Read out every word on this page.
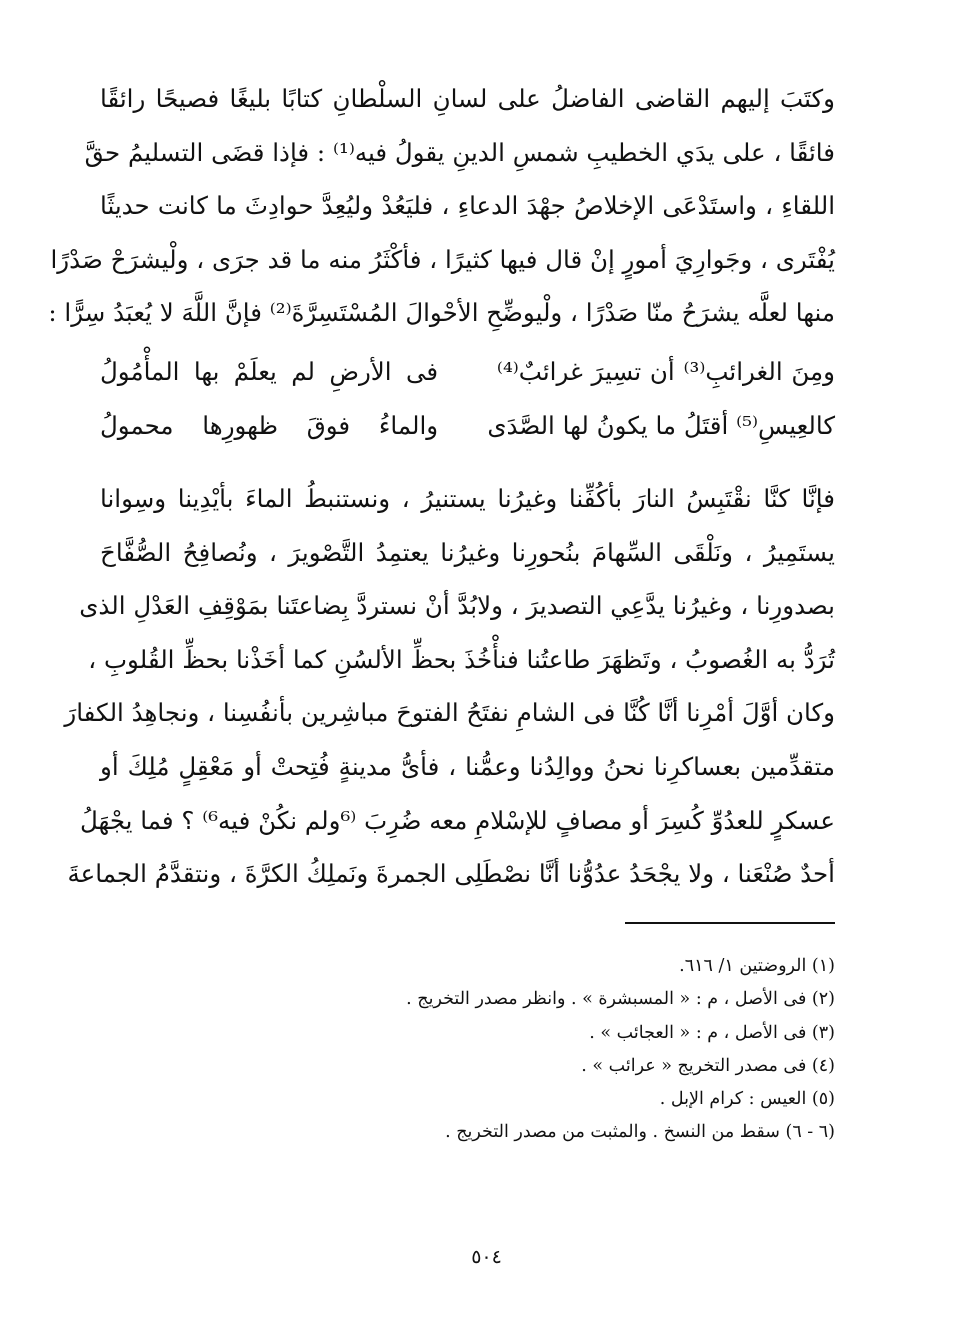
وكتَبَ إليهم القاضى الفاضلُ على لسانِ السلْطانِ كتابًا بليغًا فصيحًا رائقًا
فائقًا ، على يدَي الخطيبِ شمسِ الدينِ يقولُ فيه⁽¹⁾ : فإذا قضَى التسليمُ حقَّ
اللقاءِ ، واستَدْعَى الإخلاصُ جهْدَ الدعاءِ ، فليَعُدْ وليُعِدَّ حوادِثَ ما كانت حديثًا
يُفْتَرى ، وجَوارِيَ أمورٍ إنْ قال فيها كثيرًا ، فأكْثَرُ منه ما قد جرَى ، ولْيشرَحْ صَدْرًا
منها لعلَّه يشرَحُ منّا صَدْرًا ، ولْيوضِّحِ الأحْوالَ المُسْتَسِرَّةَ⁽²⁾ فإنَّ اللَّهَ لا يُعبَدُ سِرًّا :
ومِنَ الغرائبِ⁽³⁾ أن تسِيرَ غرائبٌ⁽⁴⁾
فى الأرضِ لم يعلَمْ بها المأْمُولُ
كالعِيسِ⁽⁵⁾ أقتَلُ ما يكونُ لها الصَّدَى
والماءُ فوقَ ظهورِها محمولُ
فإنَّا كنَّا نقْتَبِسُ النارَ بأكُفِّنا وغيرُنا يستنيرُ ، ونستنبطُ الماءَ بأيْدِينا وسِوانا
يستَمِيرُ ، ونَلْقَى السِّهامَ بنُحورِنا وغيرُنا يعتمِدُ التَّصْويرَ ، ونُصافِحُ الصُّفَّاحَ
بصدورِنا ، وغيرُنا يدَّعِي التصديرَ ، ولابُدَّ أنْ نستردَّ بِضاعتَنا بمَوْقِفِ العَدْلِ الذى
تُرَدُّ به الغُصوبُ ، وتَظهَرَ طاعتُنا فنأْخُذَ بحظِّ الألسُنِ كما أخَذْنا بحظِّ القُلوبِ ،
وكان أوَّلَ أمْرِنا أنَّا كُنَّا فى الشامِ نفتَحُ الفتوحَ مباشِرين بأنفُسِنا ، ونجاهِدُ الكفارَ
متقدِّمين بعساكرِنا نحنُ ووالِدُنا وعمُّنا ، فأىُّ مدينةٍ فُتِحتْ أو مَعْقِلٍ مُلِكَ أو
عسكرٍ للعدُوِّ كُسِرَ أو مصافٍ للإسْلامِ معه ضُرِبَ ⁽⁶ولم نكُنْ فيه⁶⁾ ؟ فما يجْهَلُ
أحدٌ صُنْعَنا ، ولا يجْحَدُ عدُوُّنا أنَّا نصْطَلِى الجمرةَ ونَملِكُ الكرَّةَ ، ونتقدَّمُ الجماعةَ
(١) الروضتين ١/ ٦١٦.
(٢) فى الأصل ، م : « المسبشرة » . وانظر مصدر التخريج .
(٣) فى الأصل ، م : « العجائب » .
(٤) فى مصدر التخريج « عرائب » .
(٥) العيس : كرام الإبل .
(٦ - ٦) سقط من النسخ . والمثبت من مصدر التخريج .
٥٠٤
